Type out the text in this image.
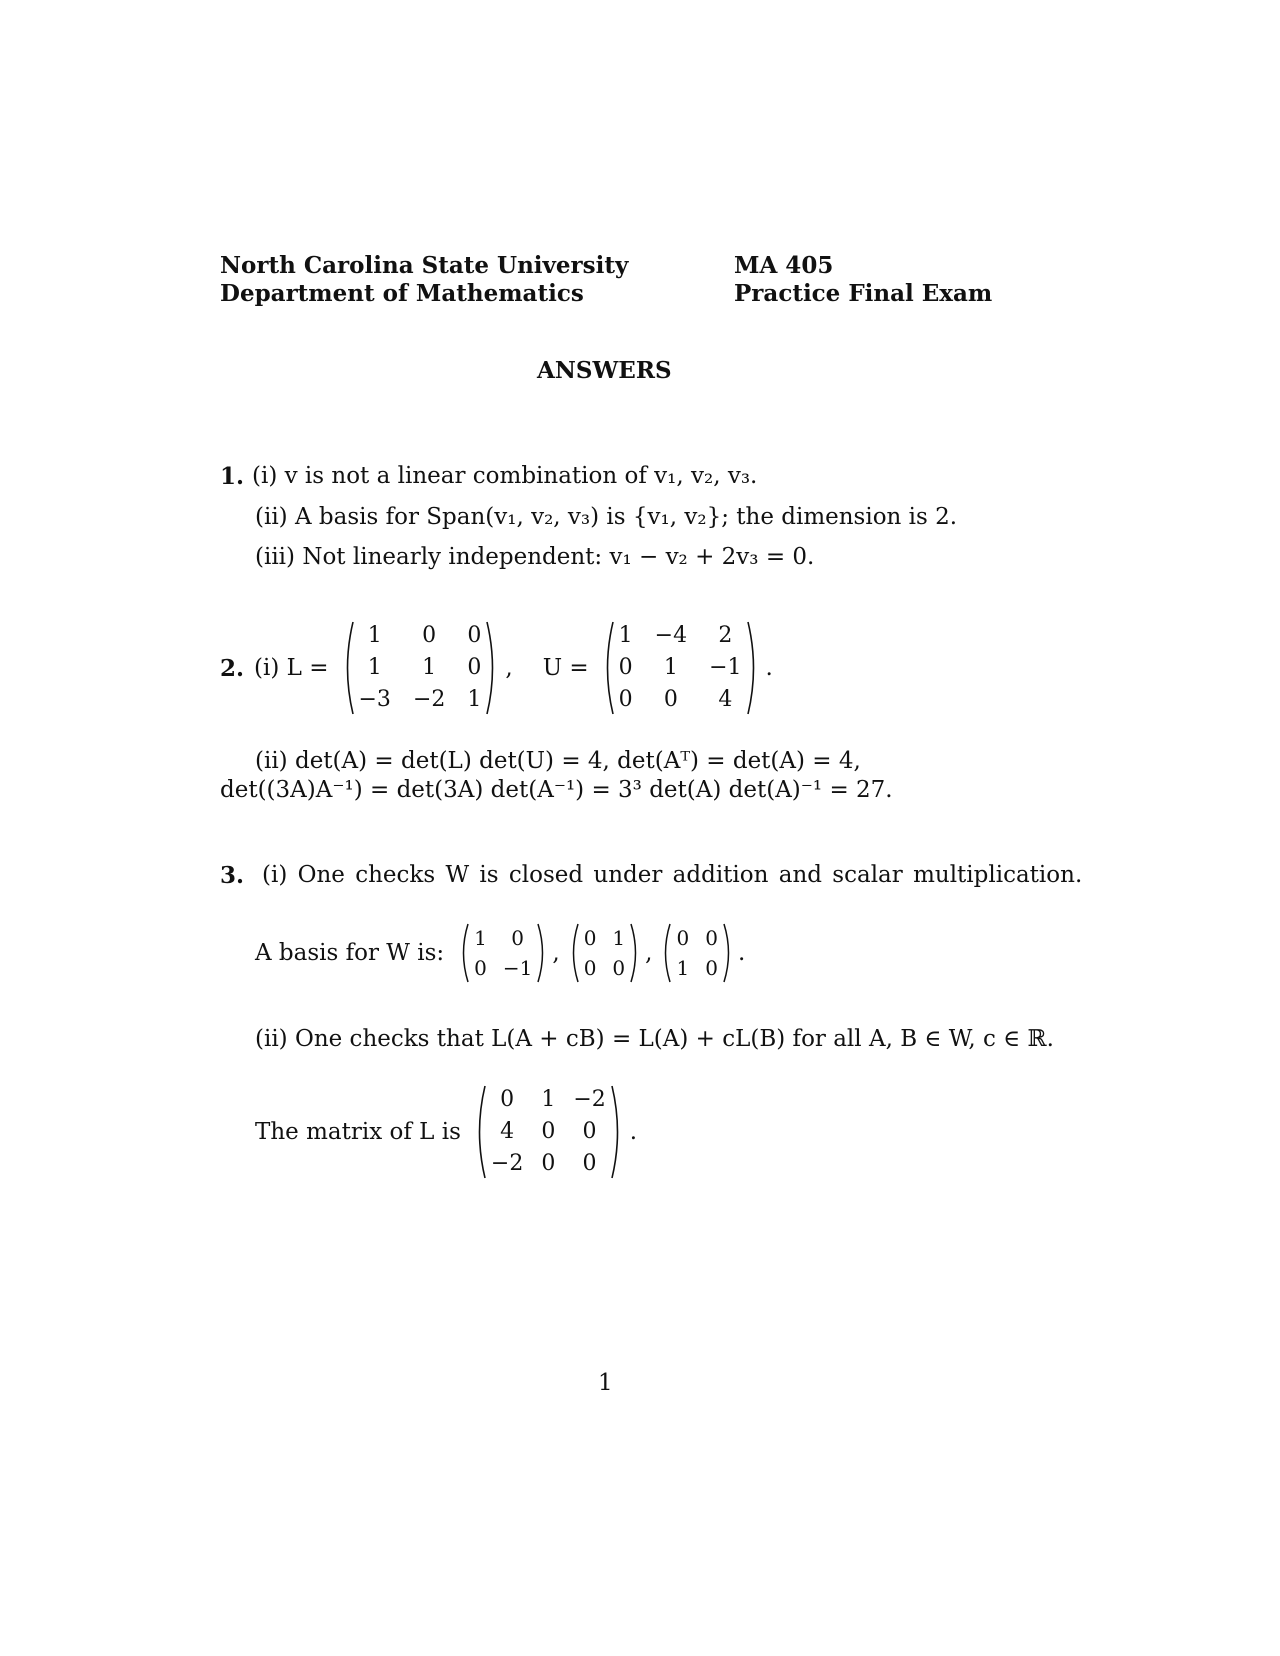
North Carolina State University
Department of Mathematics
MA 405
Practice Final Exam
ANSWERS
1. (i) v is not a linear combination of v₁, v₂, v₃.
(ii) A basis for Span(v₁, v₂, v₃) is {v₁, v₂}; the dimension is 2.
(iii) Not linearly independent: v₁ − v₂ + 2v₃ = 0.
2. (i) L =
1	0	0
1	1	0
−3 −2 1
, U =
1 −4	2
0	1	−1
0	0	4
.
(ii) det(A) = det(L) det(U) = 4, det(Aᵀ) = det(A) = 4,
det((3A)A⁻¹) = det(3A) det(A⁻¹) = 3³ det(A) det(A)⁻¹ = 27.
3. (i) One checks W is closed under addition and scalar multiplication.
A basis for W is:
1	0
0 −1
,
0 1
0 0
,
0 0
1 0
.
(ii) One checks that L(A + cB) = L(A) + cL(B) for all A, B ∈ W, c ∈ ℝ.
The matrix of L is
0	1 −2
4	0	0
−2 0	0
.
1
